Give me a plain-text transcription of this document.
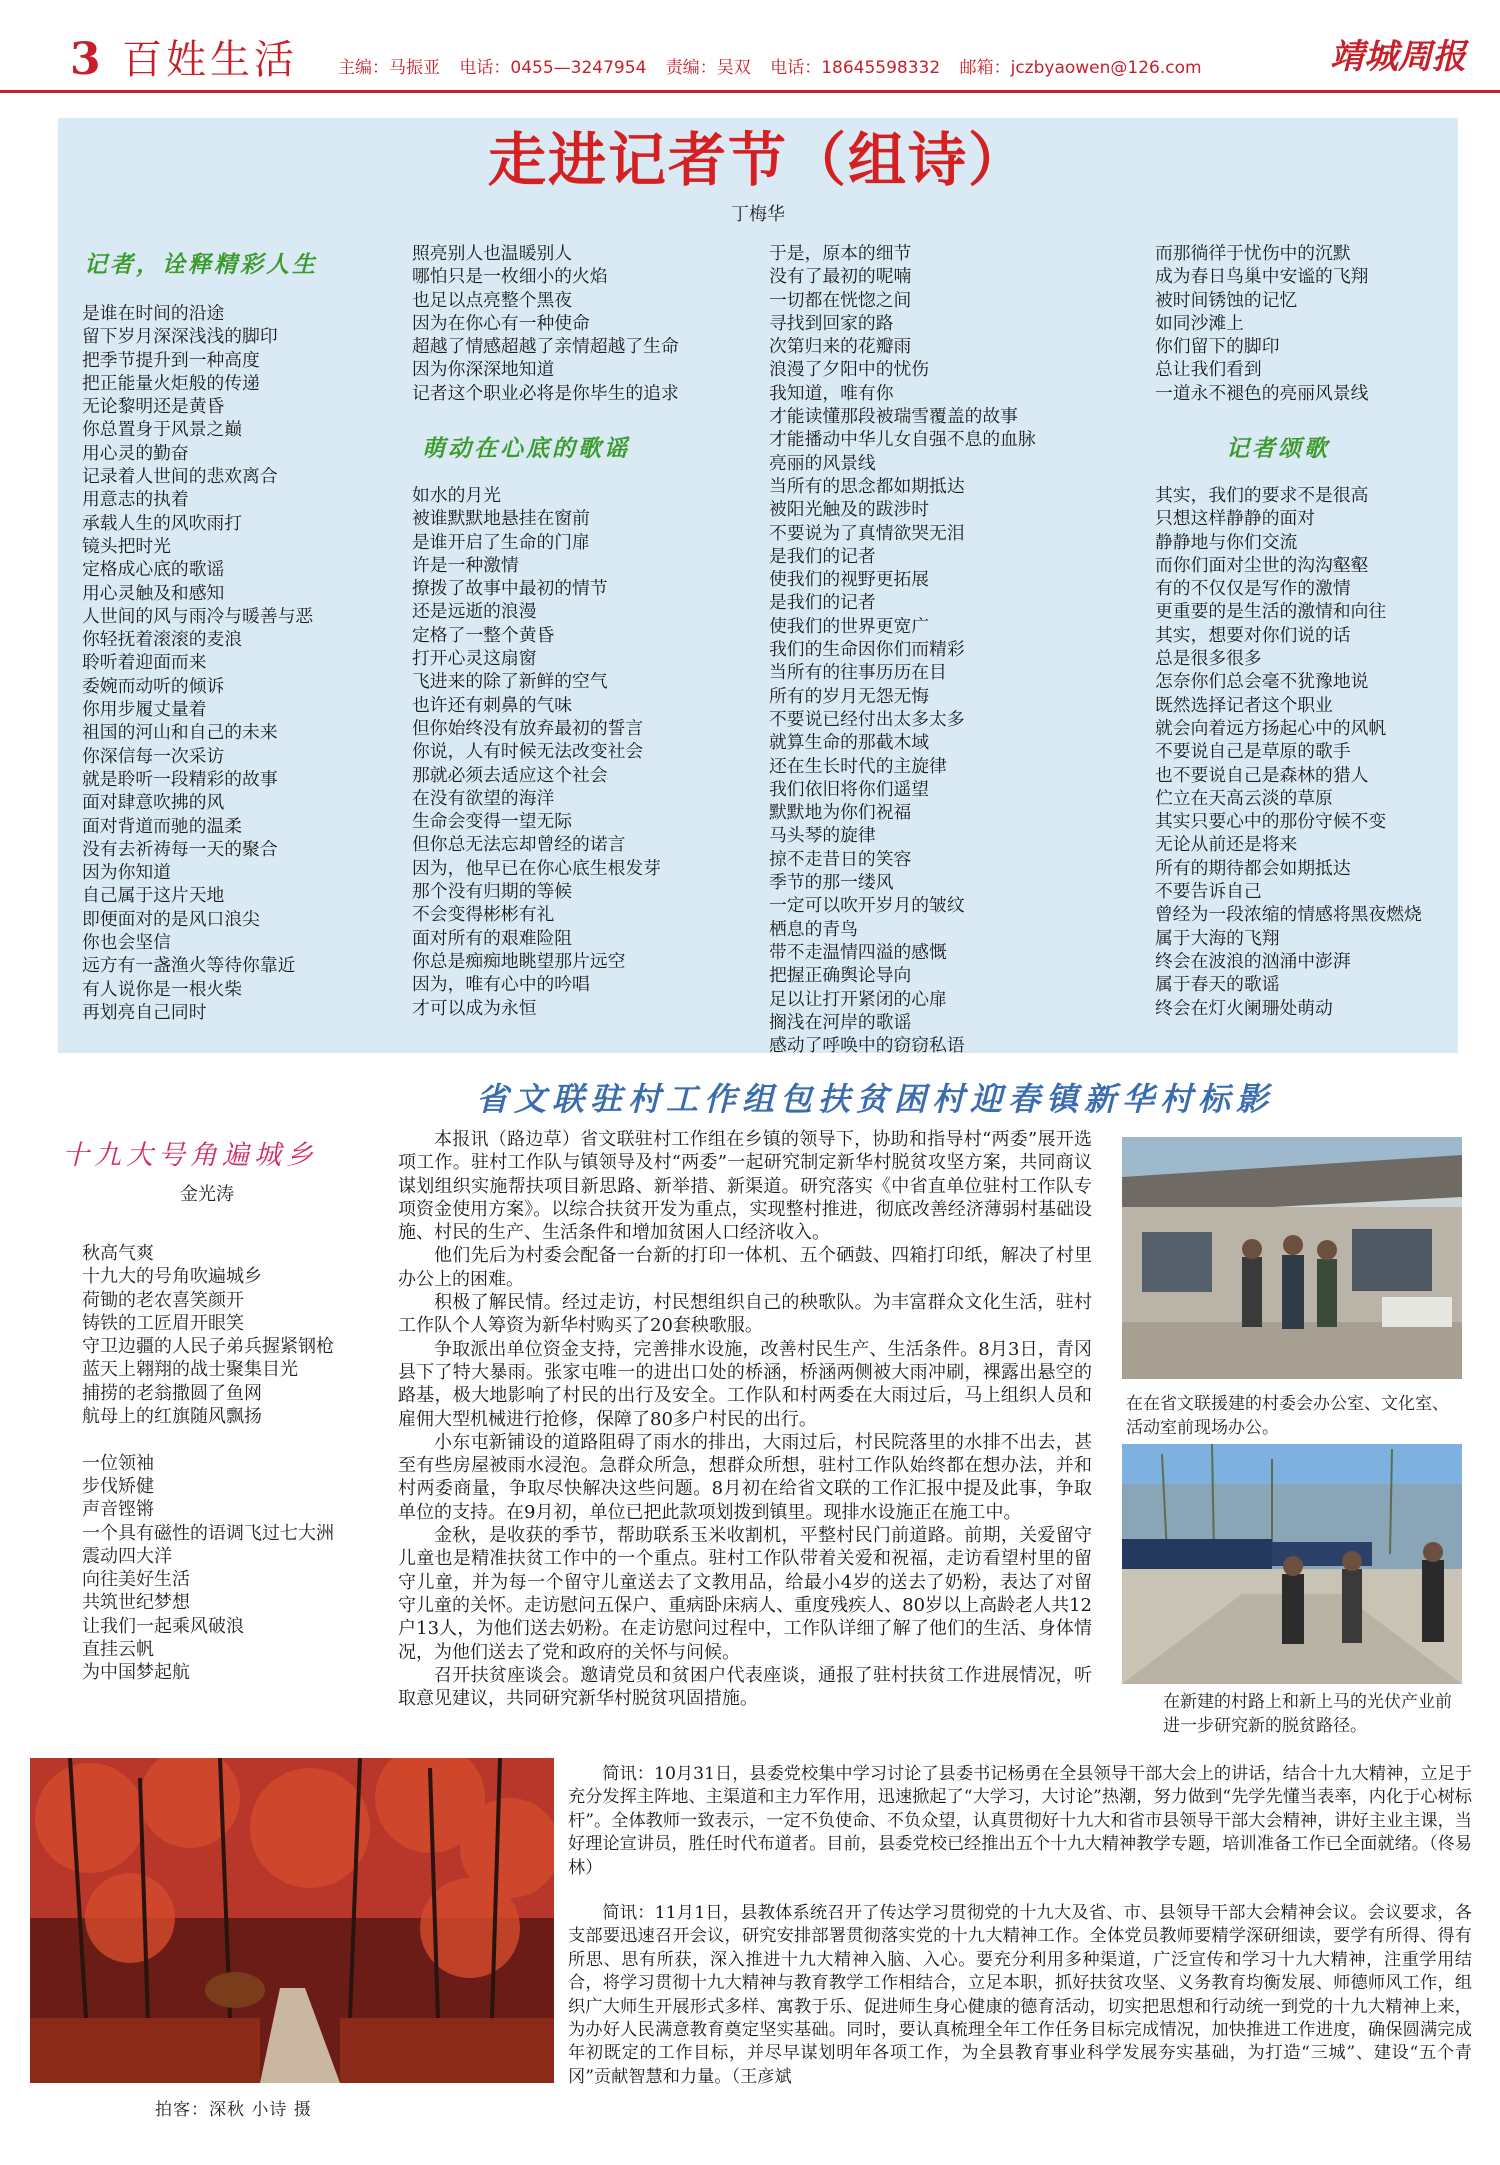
3 百姓生活 主编：马振亚 电话：0455—3247954 责编：吴双 电话：18645598332 邮箱：jczbyaowen@126.com	靖城周报
走进记者节（组诗）
丁梅华
记者，诠释精彩人生
是谁在时间的沿途
留下岁月深深浅浅的脚印
把季节提升到一种高度
把正能量火炬般的传递
无论黎明还是黄昏
你总置身于风景之巅
用心灵的勤奋
记录着人世间的悲欢离合
用意志的执着
承载人生的风吹雨打
镜头把时光
定格成心底的歌谣
用心灵触及和感知
人世间的风与雨冷与暖善与恶
你轻抚着滚滚的麦浪
聆听着迎面而来
委婉而动听的倾诉
你用步履丈量着
祖国的河山和自己的未来
你深信每一次采访
就是聆听一段精彩的故事
面对肆意吹拂的风
面对背道而驰的温柔
没有去祈祷每一天的聚合
因为你知道
自己属于这片天地
即便面对的是风口浪尖
你也会坚信
远方有一盏渔火等待你靠近
有人说你是一根火柴
再划亮自己同时
照亮别人也温暖别人
哪怕只是一枚细小的火焰
也足以点亮整个黑夜
因为在你心有一种使命
超越了情感超越了亲情超越了生命
因为你深深地知道
记者这个职业必将是你毕生的追求
萌动在心底的歌谣
如水的月光
被谁默默地悬挂在窗前
是谁开启了生命的门扉
许是一种激情
撩拨了故事中最初的情节
还是远逝的浪漫
定格了一整个黄昏
打开心灵这扇窗
飞进来的除了新鲜的空气
也许还有刺鼻的气味
但你始终没有放弃最初的誓言
你说，人有时候无法改变社会
那就必须去适应这个社会
在没有欲望的海洋
生命会变得一望无际
但你总无法忘却曾经的诺言
因为，他早已在你心底生根发芽
那个没有归期的等候
不会变得彬彬有礼
面对所有的艰难险阻
你总是痴痴地眺望那片远空
因为，唯有心中的吟唱
才可以成为永恒
于是，原本的细节
没有了最初的呢喃
一切都在恍惚之间
寻找到回家的路
次第归来的花瓣雨
浪漫了夕阳中的忧伤
我知道，唯有你
才能读懂那段被瑞雪覆盖的故事
才能播动中华儿女自强不息的血脉
亮丽的风景线
当所有的思念都如期抵达
被阳光触及的跋涉时
不要说为了真情欲哭无泪
是我们的记者
使我们的视野更拓展
是我们的记者
使我们的世界更宽广
我们的生命因你们而精彩
当所有的往事历历在目
所有的岁月无怨无悔
不要说已经付出太多太多
就算生命的那截木域
还在生长时代的主旋律
我们依旧将你们遥望
默默地为你们祝福
马头琴的旋律
掠不走昔日的笑容
季节的那一缕风
一定可以吹开岁月的皱纹
栖息的青鸟
带不走温情四溢的感慨
把握正确舆论导向
足以让打开紧闭的心扉
搁浅在河岸的歌谣
感动了呼唤中的窃窃私语
而那徜徉于忧伤中的沉默
成为春日鸟巢中安谧的飞翔
被时间锈蚀的记忆
如同沙滩上
你们留下的脚印
总让我们看到
一道永不褪色的亮丽风景线
记者颂歌
其实，我们的要求不是很高
只想这样静静的面对
静静地与你们交流
而你们面对尘世的沟沟壑壑
有的不仅仅是写作的激情
更重要的是生活的激情和向往
其实，想要对你们说的话
总是很多很多
怎奈你们总会毫不犹豫地说
既然选择记者这个职业
就会向着远方扬起心中的风帆
不要说自己是草原的歌手
也不要说自己是森林的猎人
伫立在天高云淡的草原
其实只要心中的那份守候不变
无论从前还是将来
所有的期待都会如期抵达
不要告诉自己
曾经为一段浓缩的情感将黑夜燃烧
属于大海的飞翔
终会在波浪的汹涌中澎湃
属于春天的歌谣
终会在灯火阑珊处萌动
省文联驻村工作组包扶贫困村迎春镇新华村标影
十九大号角遍城乡
金光涛
秋高气爽
十九大的号角吹遍城乡
荷锄的老农喜笑颜开
铸铁的工匠眉开眼笑
守卫边疆的人民子弟兵握紧钢枪
蓝天上翱翔的战士聚集目光
捕捞的老翁撒圆了鱼网
航母上的红旗随风飘扬
一位领袖
步伐矫健
声音铿锵
一个具有磁性的语调飞过七大洲
震动四大洋
向往美好生活
共筑世纪梦想
让我们一起乘风破浪
直挂云帆
为中国梦起航

本报讯（路边草）省文联驻村工作组在乡镇的领导下，协助和指导村“两委”展开选项工作。驻村工作队与镇领导及村“两委”一起研究制定新华村脱贫攻坚方案，共同商议谋划组织实施帮扶项目新思路、新举措、新渠道。研究落实《中省直单位驻村工作队专项资金使用方案》。以综合扶贫开发为重点，实现整村推进，彻底改善经济薄弱村基础设施、村民的生产、生活条件和增加贫困人口经济收入。

他们先后为村委会配备一台新的打印一体机、五个硒鼓、四箱打印纸，解决了村里办公上的困难。

积极了解民情。经过走访，村民想组织自己的秧歌队。为丰富群众文化生活，驻村工作队个人筹资为新华村购买了20套秧歌服。

争取派出单位资金支持，完善排水设施，改善村民生产、生活条件。8月3日，青冈县下了特大暴雨。张家屯唯一的进出口处的桥涵，桥涵两侧被大雨冲刷，裸露出悬空的路基，极大地影响了村民的出行及安全。工作队和村两委在大雨过后，马上组织人员和雇佣大型机械进行抢修，保障了80多户村民的出行。

小东屯新铺设的道路阻碍了雨水的排出，大雨过后，村民院落里的水排不出去，甚至有些房屋被雨水浸泡。急群众所急，想群众所想，驻村工作队始终都在想办法，并和村两委商量，争取尽快解决这些问题。8月初在给省文联的工作汇报中提及此事，争取单位的支持。在9月初，单位已把此款项划拨到镇里。现排水设施正在施工中。

金秋，是收获的季节，帮助联系玉米收割机，平整村民门前道路。前期，关爱留守儿童也是精准扶贫工作中的一个重点。驻村工作队带着关爱和祝福，走访看望村里的留守儿童，并为每一个留守儿童送去了文教用品，给最小4岁的送去了奶粉，表达了对留守儿童的关怀。走访慰问五保户、重病卧床病人、重度残疾人、80岁以上高龄老人共12户13人，为他们送去奶粉。在走访慰问过程中，工作队详细了解了他们的生活、身体情况，为他们送去了党和政府的关怀与问候。

召开扶贫座谈会。邀请党员和贫困户代表座谈，通报了驻村扶贫工作进展情况，听取意见建议，共同研究新华村脱贫巩固措施。

在在省文联援建的村委会办公室、文化室、活动室前现场办公。
在新建的村路上和新上马的光伏产业前进一步研究新的脱贫路径。
拍客：深秋 小诗 摄

简讯：10月31日，县委党校集中学习讨论了县委书记杨勇在全县领导干部大会上的讲话，结合十九大精神，立足于充分发挥主阵地、主渠道和主力军作用，迅速掀起了“大学习，大讨论”热潮，努力做到“先学先懂当表率，内化于心树标杆”。全体教师一致表示，一定不负使命、不负众望，认真贯彻好十九大和省市县领导干部大会精神，讲好主业主课，当好理论宣讲员，胜任时代布道者。目前，县委党校已经推出五个十九大精神教学专题，培训准备工作已全面就绪。（佟易林）

简讯：11月1日，县教体系统召开了传达学习贯彻党的十九大及省、市、县领导干部大会精神会议。会议要求，各支部要迅速召开会议，研究安排部署贯彻落实党的十九大精神工作。全体党员教师要精学深研细读，要学有所得、得有所思、思有所获，深入推进十九大精神入脑、入心。要充分利用多种渠道，广泛宣传和学习十九大精神，注重学用结合，将学习贯彻十九大精神与教育教学工作相结合，立足本职，抓好扶贫攻坚、义务教育均衡发展、师德师风工作，组织广大师生开展形式多样、寓教于乐、促进师生身心健康的德育活动，切实把思想和行动统一到党的十九大精神上来，为办好人民满意教育奠定坚实基础。同时，要认真梳理全年工作任务目标完成情况，加快推进工作进度，确保圆满完成年初既定的工作目标，并尽早谋划明年各项工作，为全县教育事业科学发展夯实基础，为打造“三城”、建设“五个青冈”贡献智慧和力量。（王彦斌
